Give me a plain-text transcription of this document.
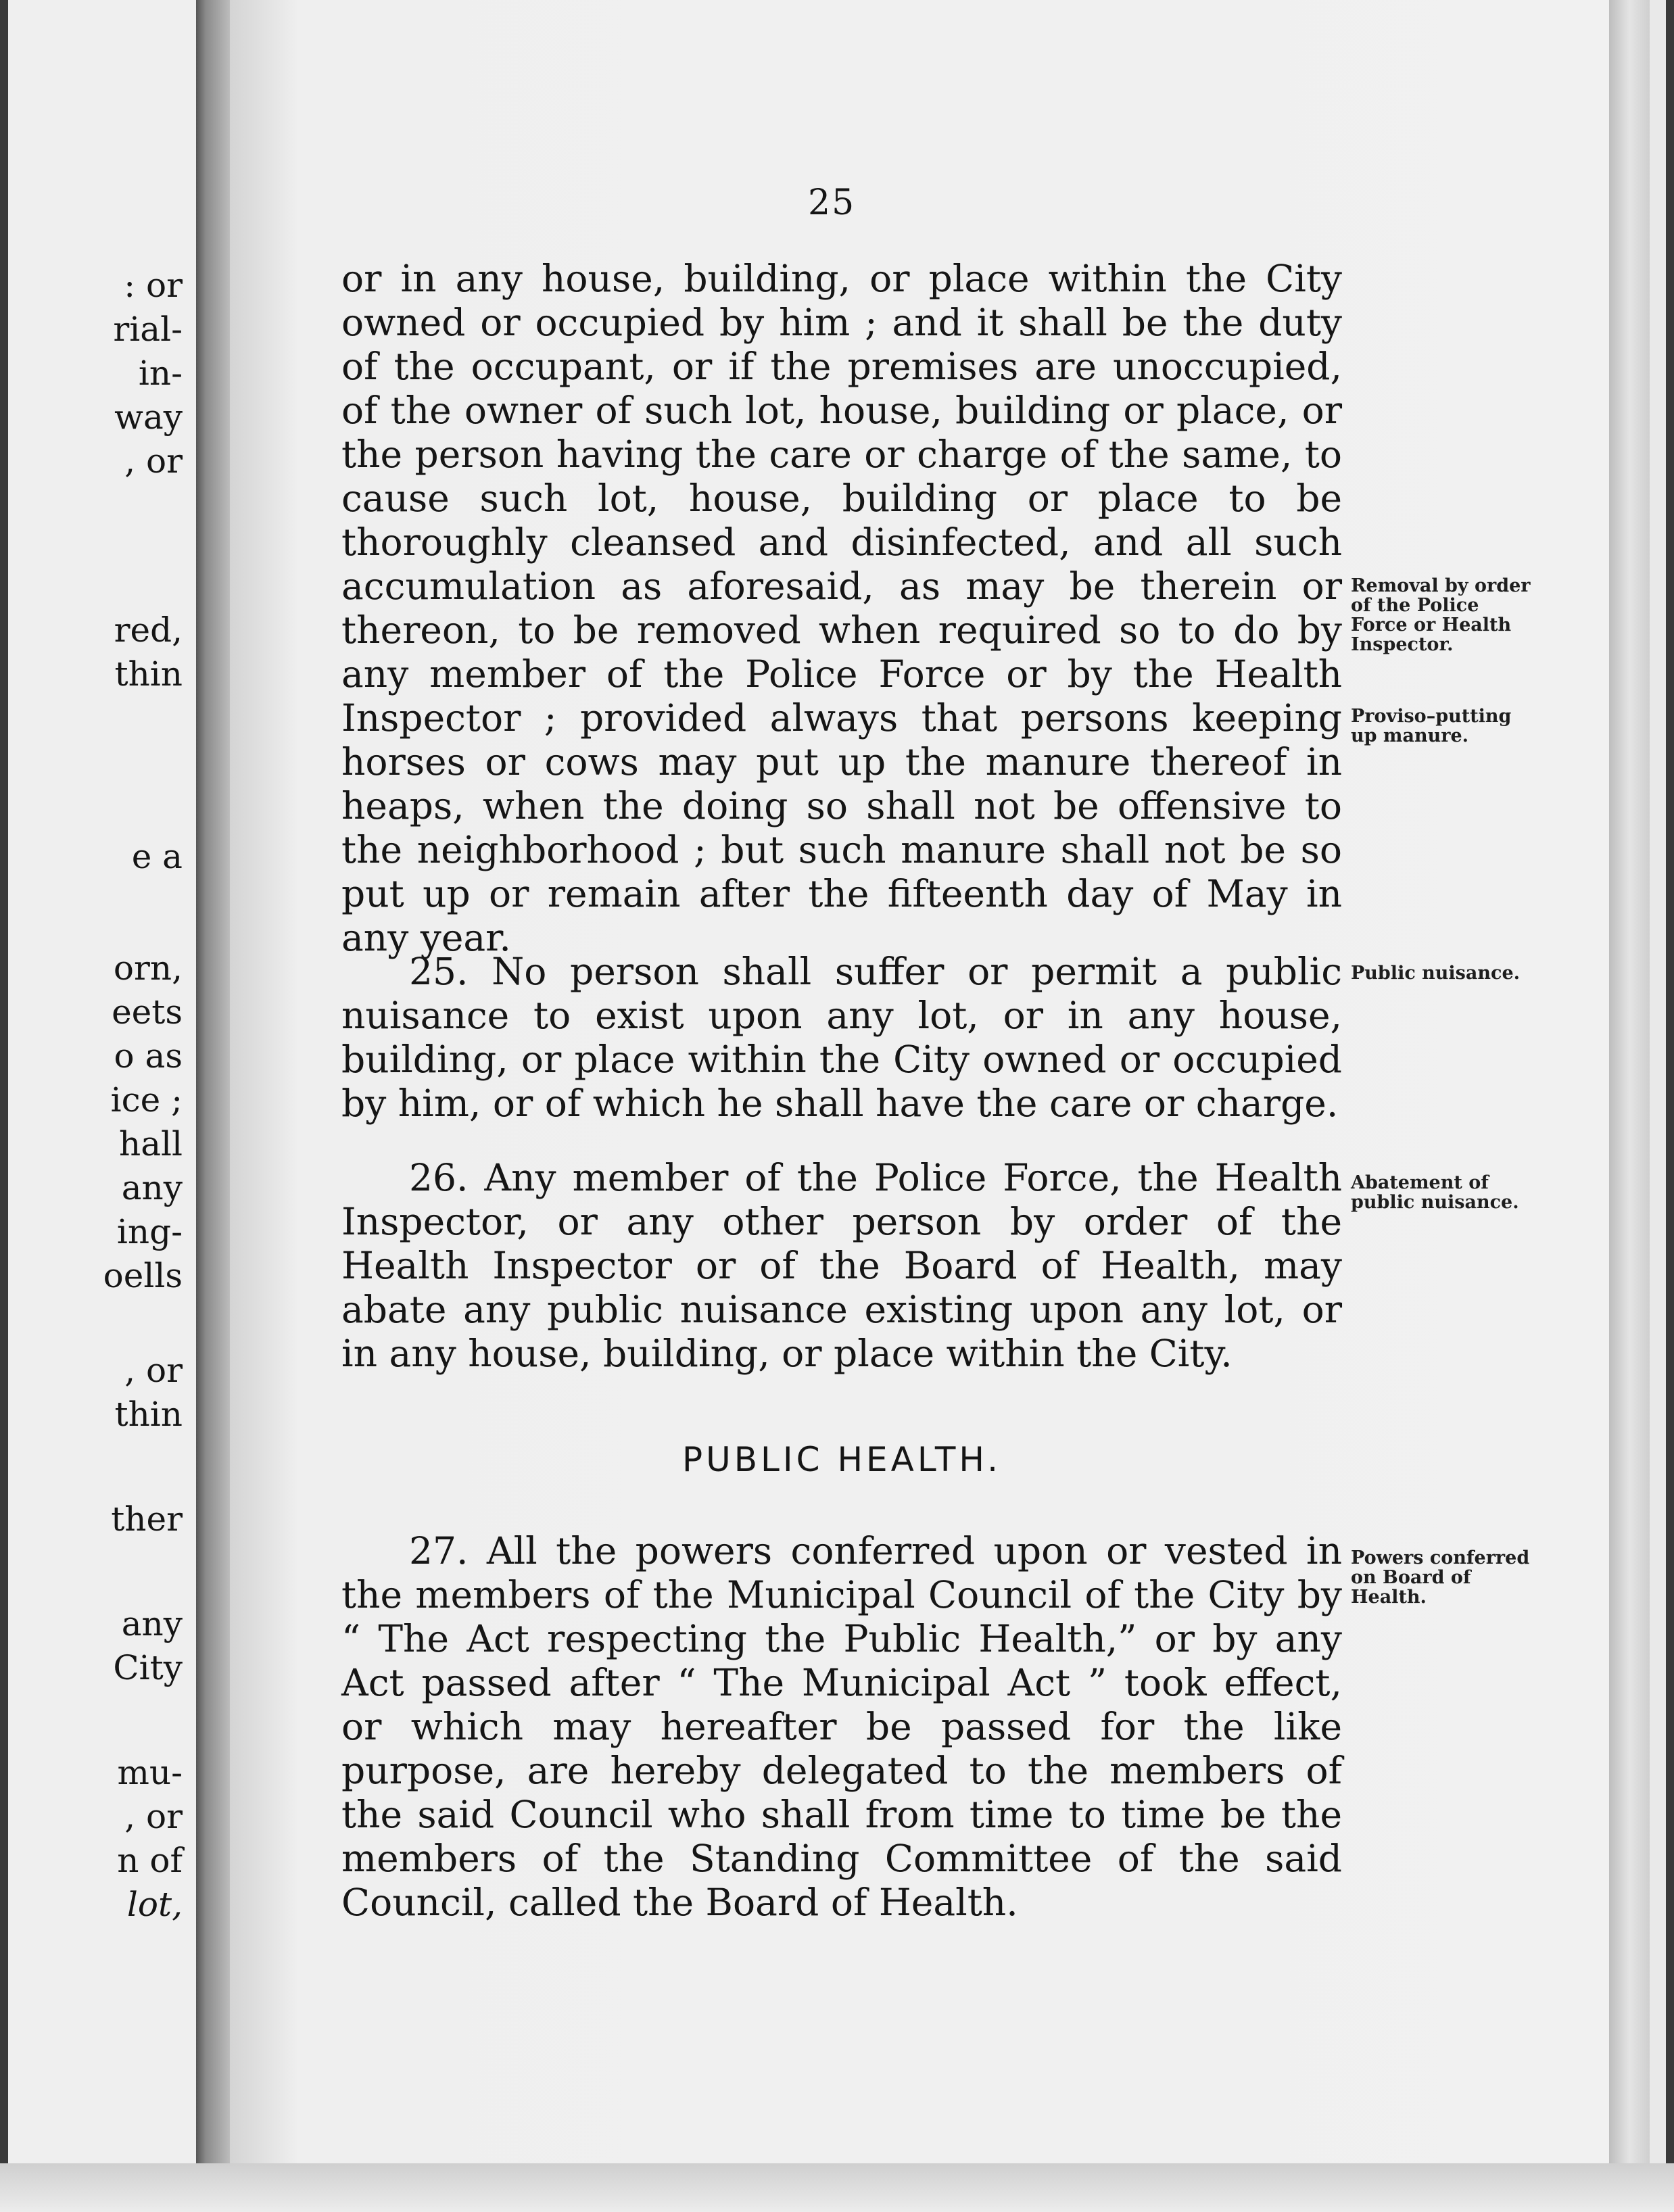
: or
rial-
in-
way
, or
red,
thin
e a
orn,
eets
o as
ice ;
hall
any
ing-
oells
, or
thin
ther
any
City
mu-
, or
n of
lot,
25

or in any house, building, or place within the City owned or occupied by him ; and it shall be the duty of the occupant, or if the premises are unoccupied, of the owner of such lot, house, building or place, or the person having the care or charge of the same, to cause such lot, house, building or place to be thoroughly cleansed and disinfected, and all such accumulation as aforesaid, as may be therein or thereon, to be removed when required so to do by any member of the Police Force or by the Health Inspector ; provided always that persons keeping horses or cows may put up the manure thereof in heaps, when the doing so shall not be offensive to the neighborhood ; but such manure shall not be so put up or remain after the fifteenth day of May in any year.

25. No person shall suffer or permit a public nuisance to exist upon any lot, or in any house, building, or place within the City owned or occupied by him, or of which he shall have the care or charge.

26. Any member of the Police Force, the Health Inspector, or any other person by order of the Health Inspector or of the Board of Health, may abate any public nuisance existing upon any lot, or in any house, building, or place within the City.

PUBLIC HEALTH.

27. All the powers conferred upon or vested in the members of the Municipal Council of the City by “ The Act respecting the Public Health,” or by any Act passed after “ The Municipal Act ” took effect, or which may hereafter be passed for the like purpose, are hereby delegated to the members of the said Council who shall from time to time be the members of the Standing Committee of the said Council, called the Board of Health.

Removal by order of the Police Force or Health Inspector.
Proviso–putting up manure.
Public nuisance.
Abatement of public nuisance.
Powers conferred on Board of Health.
